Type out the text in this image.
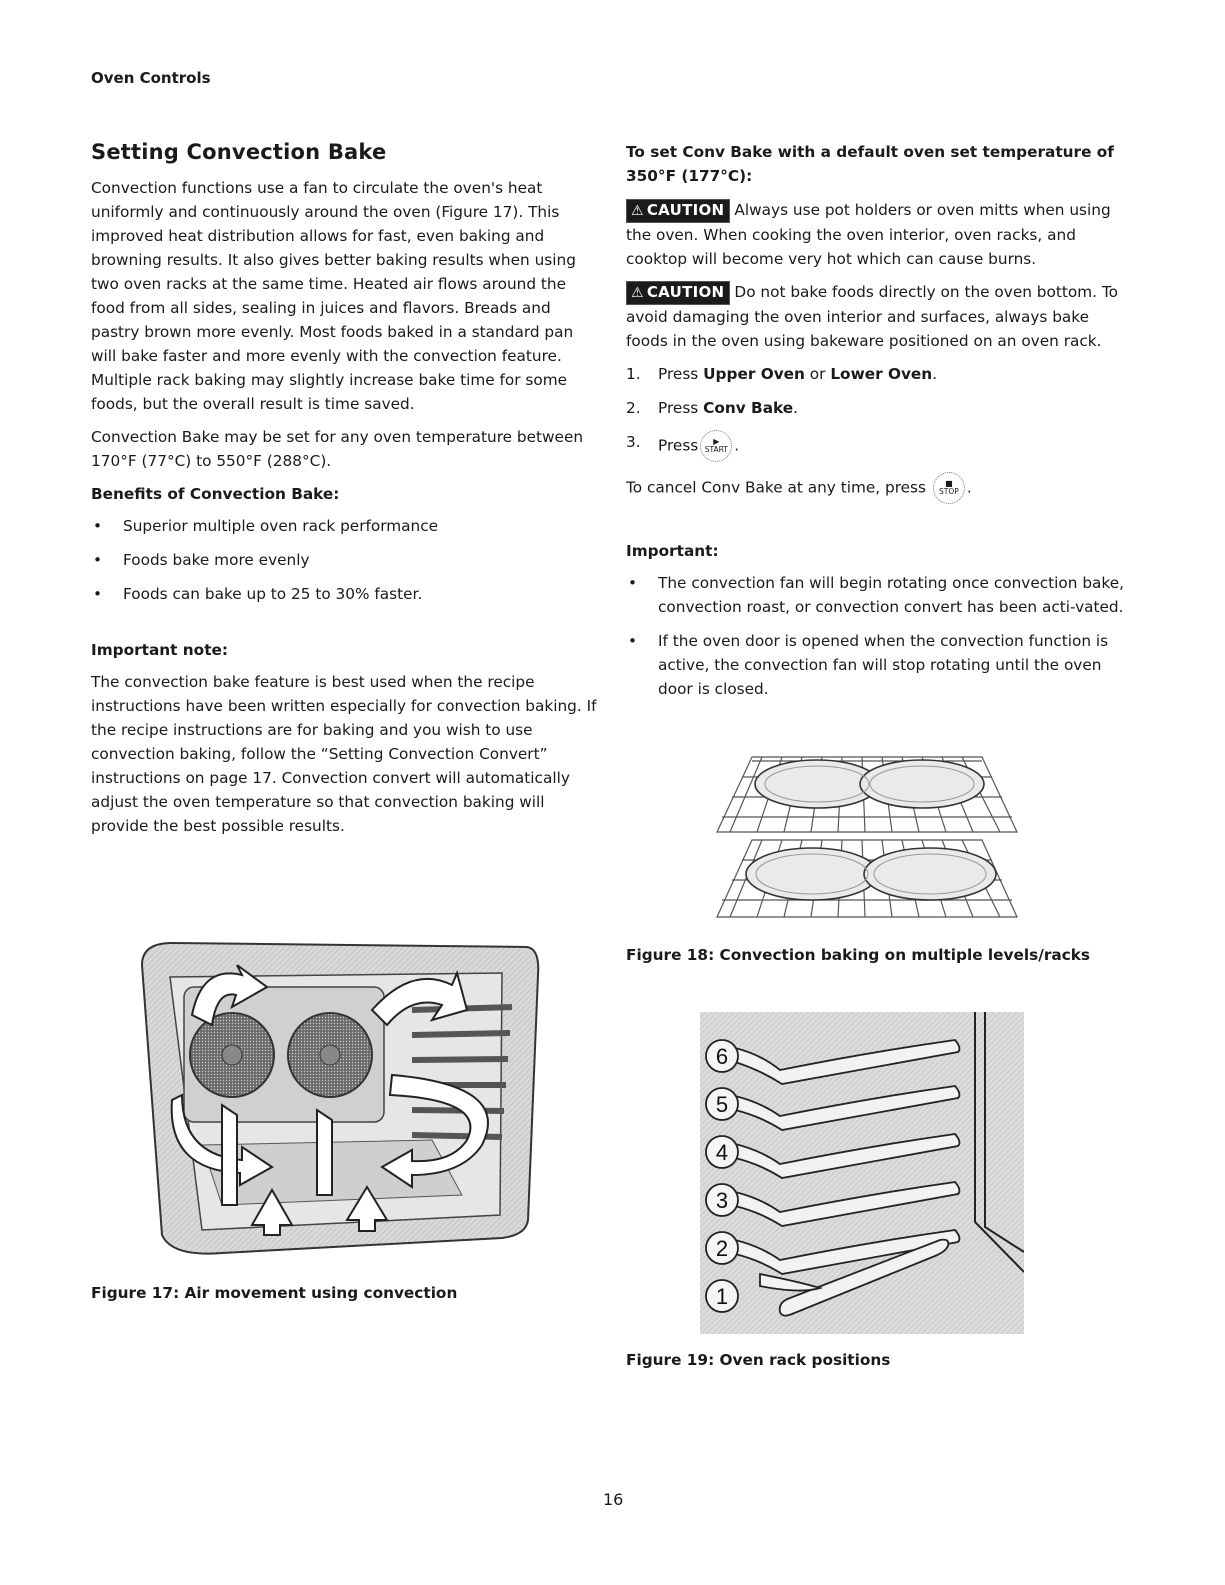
Oven Controls
Setting Convection Bake

Convection functions use a fan to circulate the oven's heat uniformly and continuously around the oven (Figure 17). This improved heat distribution allows for fast, even baking and browning results. It also gives better baking results when using two oven racks at the same time. Heated air flows around the food from all sides, sealing in juices and flavors. Breads and pastry brown more evenly. Most foods baked in a standard pan will bake faster and more evenly with the convection feature. Multiple rack baking may slightly increase bake time for some foods, but the overall result is time saved.

Convection Bake may be set for any oven temperature between 170°F (77°C) to 550°F (288°C).

Benefits of Convection Bake:
• Superior multiple oven rack performance
• Foods bake more evenly
• Foods can bake up to 25 to 30% faster.
Important note:

The convection bake feature is best used when the recipe instructions have been written especially for convection baking. If the recipe instructions are for baking and you wish to use convection baking, follow the “Setting Convection Convert” instructions on page 17. Convection convert will automatically adjust the oven temperature so that convection baking will provide the best possible results.

Figure 17: Air movement using convection
To set Conv Bake with a default oven set temperature of 350°F (177°C):

⚠ CAUTION Always use pot holders or oven mitts when using the oven. When cooking the oven interior, oven racks, and cooktop will become very hot which can cause burns.

⚠ CAUTION Do not bake foods directly on the oven bottom. To avoid damaging the oven interior and surfaces, always bake foods in the oven using bakeware positioned on an oven rack.

1.	Press Upper Oven or Lower Oven.
2.	Press Conv Bake.
3.	Press ▶
START .

To cancel Conv Bake at any time, press ■
STOP .

Important:
• The convection fan will begin rotating once convection bake, convection roast, or convection convert has been acti-vated.
• If the oven door is opened when the convection function is active, the convection fan will stop rotating until the oven door is closed.
Figure 18: Convection baking on multiple levels/racks
6
5
4
3
2
1
Figure 19: Oven rack positions
16
